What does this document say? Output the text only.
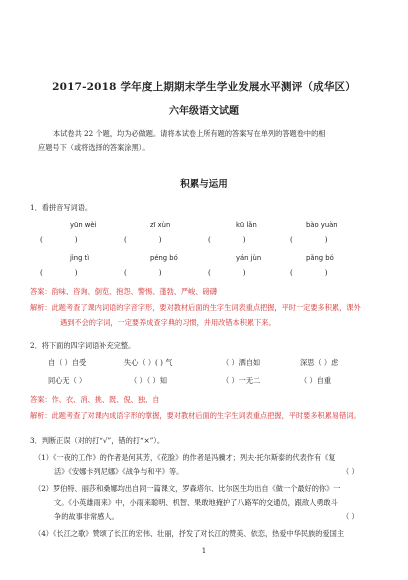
2017-2018 学年度上期期末学生学业发展水平测评（成华区）
六年级语文试题
本试卷共 22 个题，均为必做题。请将本试卷上所有题的答案写在单列的答题卷中的相
应题号下（或将选择的答案涂黑）。
积累与运用
1．看拼音写词语。
yūn wèi	zī xùn	kū lǎn	bào yuàn
(              )	(              )	(              )	(              )
jìng tì	péng bó	yán jùn	pǎng bó
(              )	(              )	(              )	(              )
答案：韵味、咨询、倒览、抱怨、警惕、蓬勃、严峻、磅礴
解析：此题考查了课内词语的字音字形，要对教材后面的生字生词表重点把握，平时一定要多积累，课外
遇到不会的字词，一定要养成查字典的习惯，并用改错本积累下来。
2．将下面的四字词语补充完整。
自（ ）自受	失心（ ）( ) 气	（ ）洒自如	深思（ ）虑
同心无（ ）	（ ）（ ）知	（ ）一无二	（ ）自重
答案：作、衣、消、挑、既、倪、独、自
解析：此题考查了对课内成语字形的掌握，要对教材后面的生字生词表重点把握，平时要多积累易错词。
3．判断正误（对的打“√”，错的打“×”）。
（1）《一夜的工作》的作者是何其芳，《花脸》的作者是冯骥才；列夫·托尔斯泰的代表作有《复
活》《安娜卡列尼娜》《战争与和平》等。	（ ）
（2）罗伯特、丽莎和桑娜均出自同一篇课文，罗森塔尔、比尔医生均出自《做一个最好的你》一
文。《小英雄雨来》中，小雨来聪明、机智、果敢地掩护了八路军的交通员，跟敌人勇敢斗
争的故事非常感人。	（ ）
（4）《长江之歌》赞颂了长江的宏伟、壮丽，抒发了对长江的赞美、依恋，热爱中华民族的爱国主
1
